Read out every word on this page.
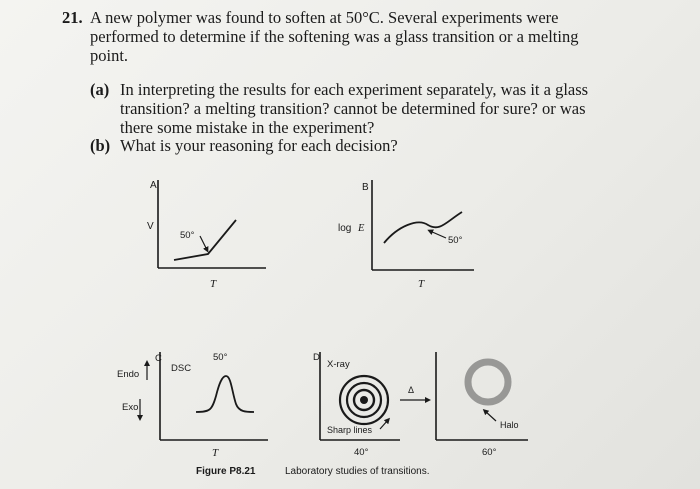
21. A new polymer was found to soften at 50°C. Several experiments were performed to determine if the softening was a glass transition or a melting point.
(a) In interpreting the results for each experiment separately, was it a glass transition? a melting transition? cannot be determined for sure? or was there some mistake in the experiment?
(b) What is your reasoning for each decision?
A
V
50°
T
B
log E
50°
T
C
DSC
Endo
Exo
50°
T
D
X-ray
Sharp lines
40°
Δ
Halo
60°
Figure P8.21	Laboratory studies of transitions.
